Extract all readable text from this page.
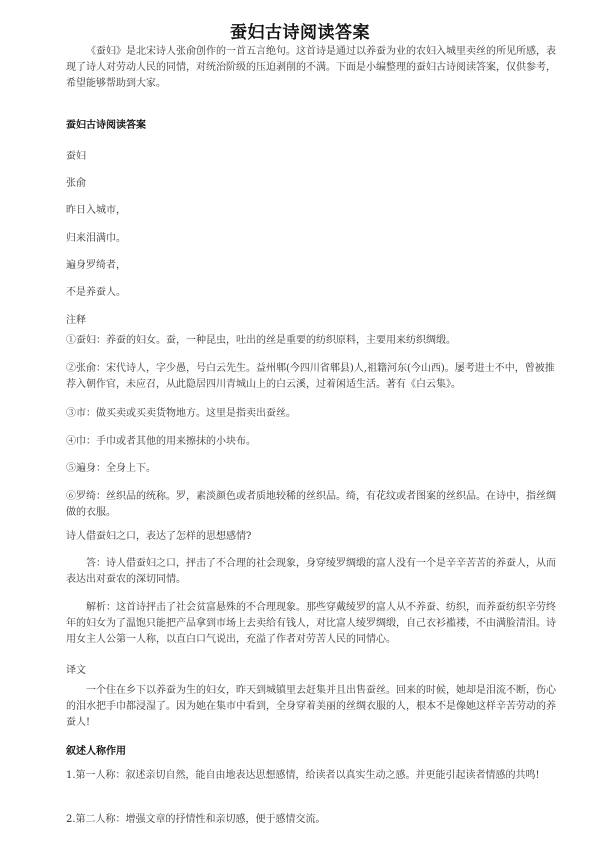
蚕妇古诗阅读答案

《蚕妇》是北宋诗人张俞创作的一首五言绝句。这首诗是通过以养蚕为业的农妇入城里卖丝的所见所感，表现了诗人对劳动人民的同情，对统治阶级的压迫剥削的不满。下面是小编整理的蚕妇古诗阅读答案，仅供参考，希望能够帮助到大家。

蚕妇古诗阅读答案
蚕妇
张俞
昨日入城市，
归来泪满巾。
遍身罗绮者，
不是养蚕人。
注释

①蚕妇：养蚕的妇女。蚕，一种昆虫，吐出的丝是重要的纺织原料，主要用来纺织绸缎。

②张俞：宋代诗人，字少愚，号白云先生。益州郫(今四川省郫县)人,祖籍河东(今山西)。屡考进士不中，曾被推荐入朝作官，未应召，从此隐居四川青城山上的白云溪，过着闲适生活。著有《白云集》。

③市：做买卖或买卖货物地方。这里是指卖出蚕丝。

④巾：手巾或者其他的用来擦抹的小块布。

⑤遍身：全身上下。

⑥罗绮：丝织品的统称。罗，素淡颜色或者质地较稀的丝织品。绮，有花纹或者图案的丝织品。在诗中，指丝绸做的衣服。

诗人借蚕妇之口，表达了怎样的思想感情?

答：诗人借蚕妇之口，抨击了不合理的社会现象，身穿绫罗绸缎的富人没有一个是辛辛苦苦的养蚕人，从而表达出对蚕农的深切同情。

解析：这首诗抨击了社会贫富悬殊的不合理现象。那些穿戴绫罗的富人从不养蚕、纺织，而养蚕纺织辛劳终年的妇女为了温饱只能把产品拿到市场上去卖给有钱人，对比富人绫罗绸缎，自己衣衫褴褛，不由满脸清泪。诗用女主人公第一人称，以直白口气说出，充溢了作者对劳苦人民的同情心。

译文

一个住在乡下以养蚕为生的妇女，昨天到城镇里去赶集并且出售蚕丝。回来的时候，她却是泪流不断，伤心的泪水把手巾都浸湿了。因为她在集市中看到，全身穿着美丽的丝绸衣服的人，根本不是像她这样辛苦劳动的养蚕人!

叙述人称作用

1.第一人称：叙述亲切自然，能自由地表达思想感情，给读者以真实生动之感。并更能引起读者情感的共鸣!

2.第二人称：增强文章的抒情性和亲切感，便于感情交流。
